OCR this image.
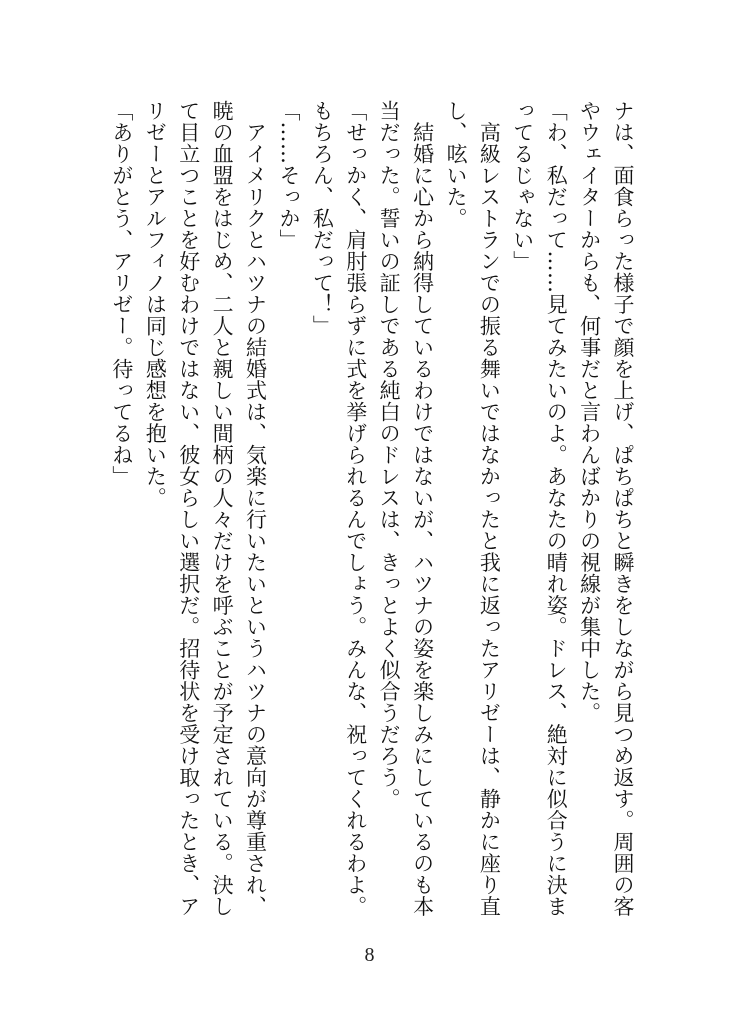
ナは、面食らった様子で顔を上げ、ぱちぱちと瞬きをしながら見つめ返す。周囲の客
やウェイターからも、何事だと言わんばかりの視線が集中した。
「わ、私だって……見てみたいのよ。あなたの晴れ姿。ドレス、絶対に似合うに決ま
ってるじゃない」
　高級レストランでの振る舞いではなかったと我に返ったアリゼーは、静かに座り直
し、呟いた。
　結婚に心から納得しているわけではないが、ハツナの姿を楽しみにしているのも本
当だった。誓いの証しである純白のドレスは、きっとよく似合うだろう。
「せっかく、肩肘張らずに式を挙げられるんでしょう。みんな、祝ってくれるわよ。
もちろん、私だって！」
「……そっか」
　アイメリクとハツナの結婚式は、気楽に行いたいというハツナの意向が尊重され、
暁の血盟をはじめ、二人と親しい間柄の人々だけを呼ぶことが予定されている。決し
て目立つことを好むわけではない、彼女らしい選択だ。招待状を受け取ったとき、ア
リゼーとアルフィノは同じ感想を抱いた。
「ありがとう、アリゼー。待ってるね」
8
